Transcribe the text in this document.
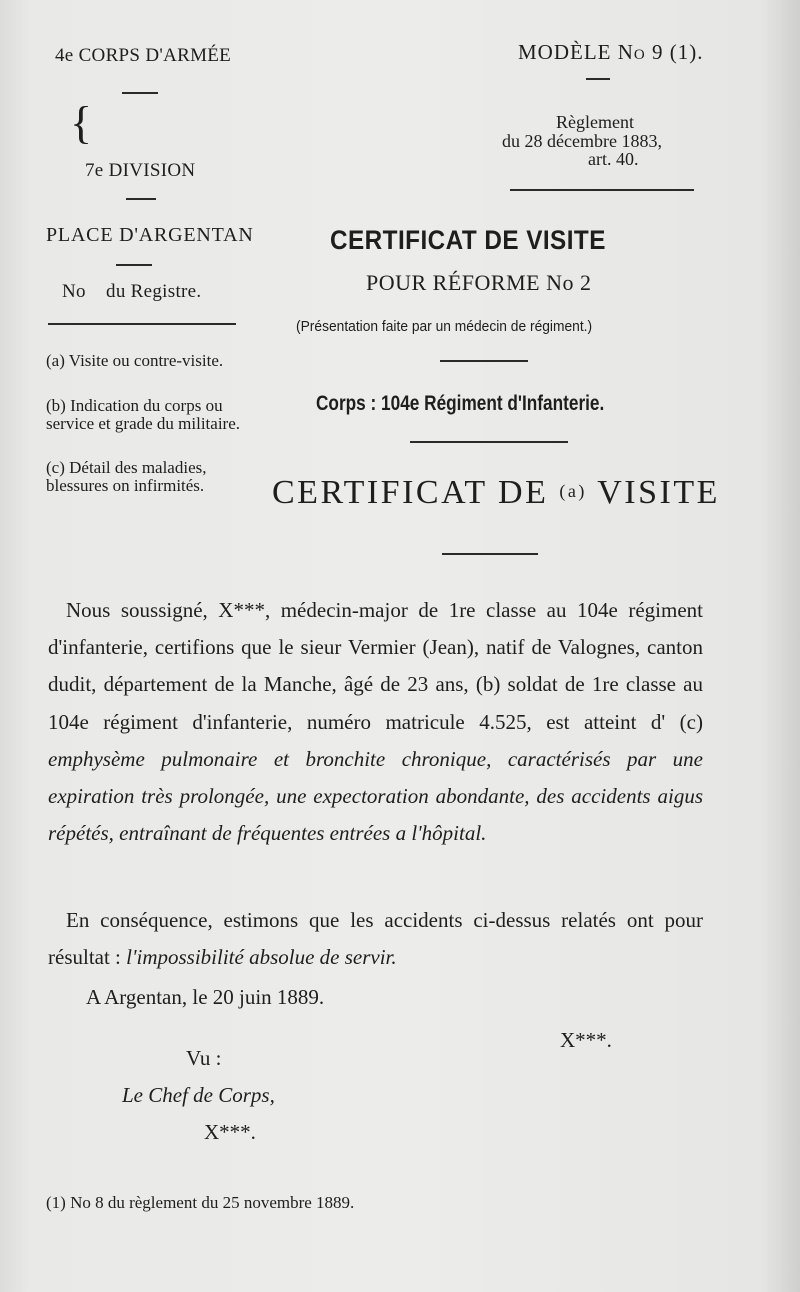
4e CORPS D'ARMÉE
{
7e DIVISION
PLACE D'ARGENTAN
No    du Registre.
(a) Visite ou contre-visite.
(b) Indication du corps ou service et grade du militaire.
(c) Détail des maladies, blessures on infirmités.
MODÈLE No 9 (1).
Règlement
du 28 décembre 1883,
art. 40.
CERTIFICAT DE VISITE
POUR RÉFORME No 2
(Présentation faite par un médecin de régiment.)
Corps : 104e Régiment d'Infanterie.
CERTIFICAT DE (a) VISITE
Nous soussigné, X***, médecin-major de 1re classe au 104e régiment d'infanterie, certifions que le sieur Vermier (Jean), natif de Valognes, canton dudit, département de la Manche, âgé de 23 ans, (b) soldat de 1re classe au 104e régiment d'infanterie, numéro matricule 4.525, est atteint d' (c) emphysème pulmonaire et bronchite chronique, caractérisés par une expiration très prolongée, une expectoration abondante, des accidents aigus répétés, entraînant de fréquentes entrées a l'hôpital.
En conséquence, estimons que les accidents ci-dessus relatés ont pour résultat : l'impossibilité absolue de servir.
A Argentan, le 20 juin 1889.
X***.
Vu :
Le Chef de Corps,
X***.
(1) No 8 du règlement du 25 novembre 1889.
